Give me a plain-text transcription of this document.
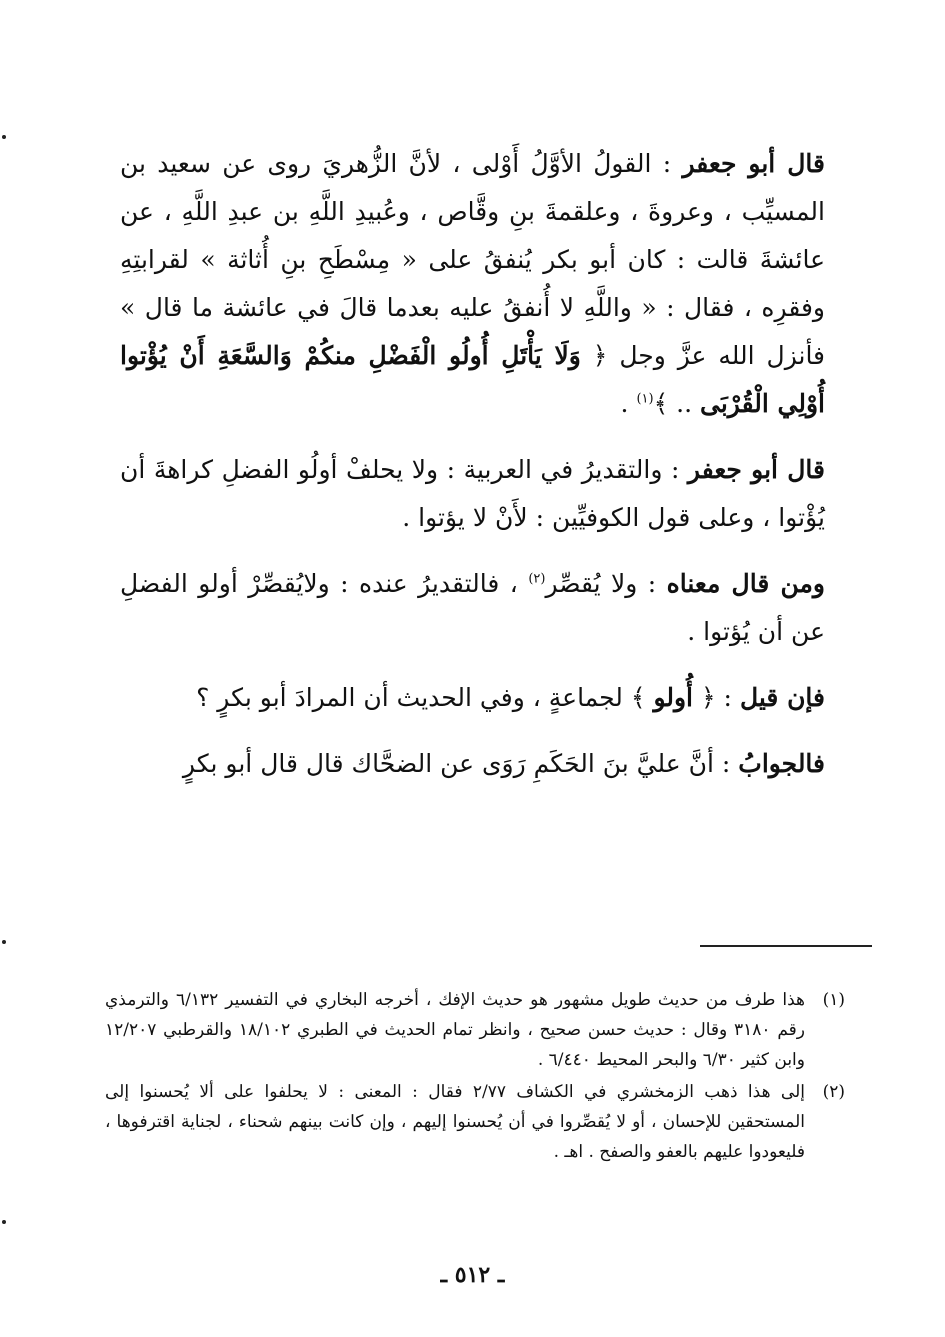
قال أبو جعفر : القولُ الأوَّلُ أَوْلى ، لأنَّ الزُّهريَ روى عن سعيد بن المسيِّب ، وعروةَ ، وعلقمةَ بنِ وقَّاص ، وعُبيدِ اللَّهِ بن عبدِ اللَّهِ ، عن عائشةَ قالت : كان أبو بكر يُنفقُ على « مِسْطَحِ بنِ أُثاثة » لقرابتِهِ وفقرِه ، فقال : « واللَّهِ لا أُنفقُ عليه بعدما قالَ في عائشة ما قال » فأنزل الله عزَّ وجل ﴿ وَلَا يَأْتَلِ أُولُو الْفَضْلِ منكُمْ وَالسَّعَةِ أَنْ يُؤْتوا أُوْلِي الْقُرْبَى .. ﴾$^{(١)}$ .

قال أبو جعفر : والتقديرُ في العربية : ولا يحلفْ أولُو الفضلِ كراهةَ أن يُؤْتوا ، وعلى قول الكوفيِّين : لأَنْ لا يؤتوا .

ومن قال معناه : ولا يُقصِّر$^{(٢)}$ ، فالتقديرُ عنده : ولايُقصِّرْ أولو الفضلِ عن أن يُؤتوا .

فإن قيل : ﴿ أُولو ﴾ لجماعةٍ ، وفي الحديث أن المرادَ أبو بكرٍ ؟

فالجوابُ : أنَّ عليَّ بنَ الحَكَمِ رَوَى عن الضحَّاك قال قال أبو بكرٍ

(١)
هذا طرف من حديث طويل مشهور هو حديث الإفك ، أخرجه البخاري في التفسير ٦/١٣٢ والترمذي رقم ٣١٨٠ وقال : حديث حسن صحيح ، وانظر تمام الحديث في الطبري ١٨/١٠٢ والقرطبي ١٢/٢٠٧ وابن كثير ٦/٣٠ والبحر المحيط ٦/٤٤٠ .
(٢)
إلى هذا ذهب الزمخشري في الكشاف ٢/٧٧ فقال : المعنى : لا يحلفوا على ألا يُحسنوا إلى المستحقين للإحسان ، أو لا يُقصِّروا في أن يُحسنوا إليهم ، وإن كانت بينهم شحناء ، لجناية اقترفوها ، فليعودوا عليهم بالعفو والصفح . اهـ .
ـ ٥١٢ ـ
